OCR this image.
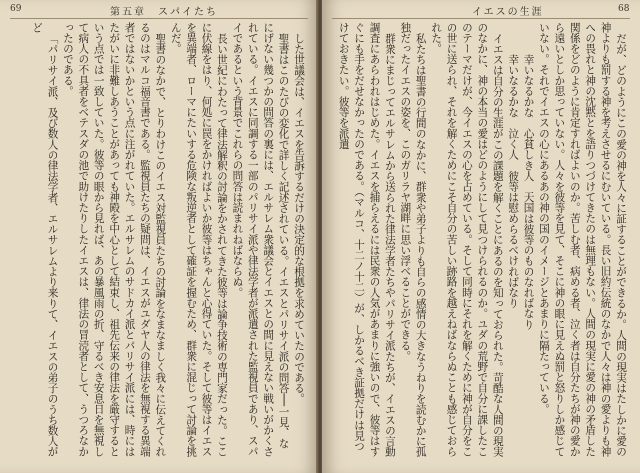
69	第五章　スパイたち

した世議会は、イエスを告訴するだけの決定的な根拠を求めていたのである。

聖書はこのたびの変化で詳しく記述されている。イエスとパリサイ派の問答──一見、なにげない幾つかの問答の裏には、エルサレム衆議会とイエスとの間に見えない戦いがかくされている。イエスに同調する一部のパリサイ派や律法学者が派遣された監視員であり、スパイであるという背景でこれらの問答は読まれねばならぬ。

長い世紀にわたって律法解釈の討論をかされてきた彼等は論争技術の専門家だった。ここに伏線をはり、何処に罠をかければよいか彼等はちゃんと心得ていた。そして彼等はイエスを異端者、ローマにたいする危険な叛逆者として確証を握むため、群衆に混じって討論を挑んだ。

聖書のなかで、とりわけこのイエス対監視員たちの討論をなまなましく我々に伝えてくれるのはマルコ福音書である。監視員たちの疑問は、イエスがユダヤ人の律法を無視する異端者ではないかという点に注がれていた。エルサレムのサドカイ派とパリサイ派には、時にはたがいに非難しあうことがあっても神殿を中心として結束し、祖先伝来の律法を厳守するという点では一致していた。彼等の眼から見れば、あの暴風雨の折、守るべき安息日を無視して病人の不具者をベテスダの池で助けたりしたイエスは、律法の冒涜者として、うつろなかったのである。

「パリサイ派、及び数人の律法学者、エルサレムより来りて、イエスの弟子のうち数人がど

イエスの生涯	68

だが、どのようにこの愛の神を人々に証することができるか。人間の現実はたしかに愛の神よりも罰する神を考えさせるにむいている。長い旧約伝統のなかで人々は神の愛よりも神への畏れと神の沈黙とを語りつづけてきたのは無理もない。人間の現実に愛の神の矛盾した関係をどのように肯定すればよいのか。苦しむ者、病める者、泣く者は自分たちが神の愛から遠いとしか思っていない。人々を彼等を見て、そこに神の眼に見えぬ罰と怒りしか感じていない。それでイエスの心にあるあの神の国のイメージとあまりに隔たっている。

幸いなるかな　心貧しき人　天国は彼等のものなればなり

幸いなるかな　泣く人　彼等は慰めらるべければなり

イエスは自分の生涯がこの課題を解くことにあるのを知っておられた。苛酷な人間の現実のなかに、神の本当の愛はどのようにして見つけられるのか。ユダの荒野で自分に課したこのテーマだけが、今イエスの心を占めている。そして同時にそれを解くために神が自分をこの世に送られ、それを解くためにこそ自分の苦しい跡路を越えねばならぬことも感じておられた。

私たちは聖書の行間のなかに、群衆や弟子よりも自らの感情の大きなうねりを読むかに孤独だったイエスの姿を、このガリラヤ湖畔に思い浮べることができる。

群衆にまじってエルサレムから送られた律法学者たちやパリサイ派たちが、イエスの言動調査にあらわれはじめた。イエスを捕らえるには民衆の人気があまりに強いので、彼等はすぐにも手をだせなかったのである。（マルコ、十二ノ十二）が、しかるべき証拠だけは見つけておきたい。彼等を派遣
